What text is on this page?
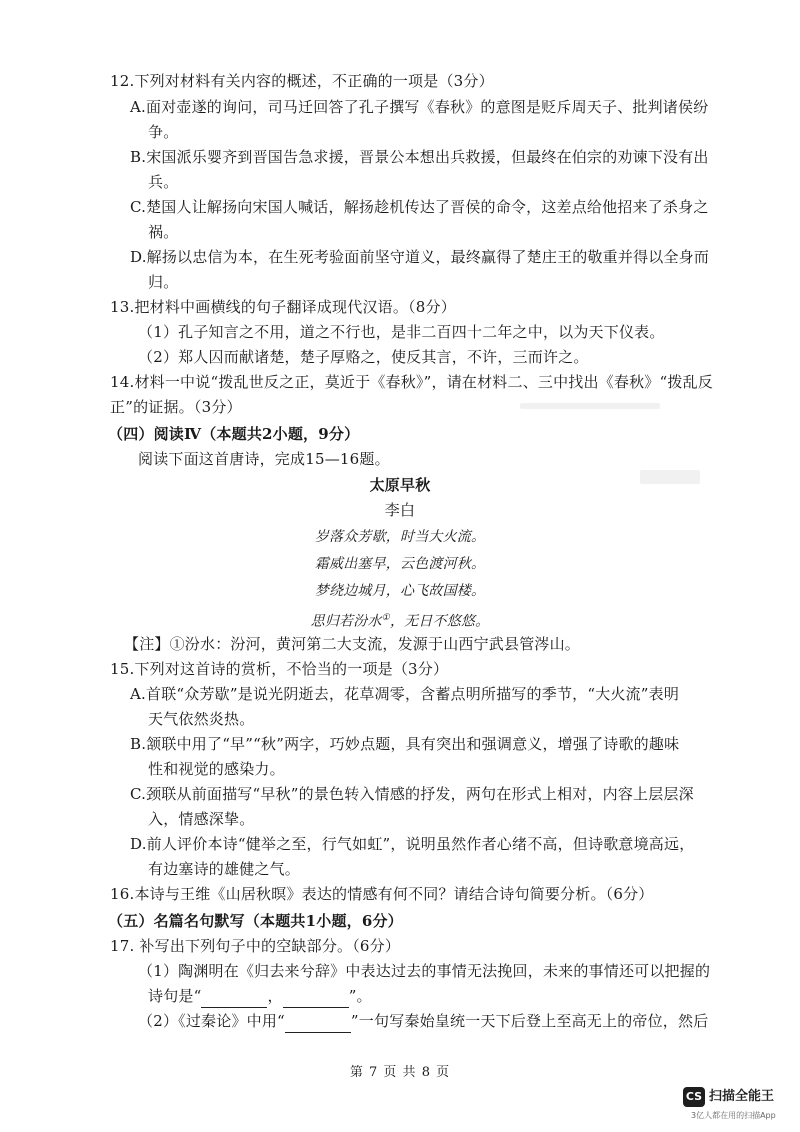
12.下列对材料有关内容的概述，不正确的一项是（3分）
A.面对壶遂的询问，司马迁回答了孔子撰写《春秋》的意图是贬斥周天子、批判诸侯纷
争。
B.宋国派乐婴齐到晋国告急求援，晋景公本想出兵救援，但最终在伯宗的劝谏下没有出
兵。
C.楚国人让解扬向宋国人喊话，解扬趁机传达了晋侯的命令，这差点给他招来了杀身之
祸。
D.解扬以忠信为本，在生死考验面前坚守道义，最终赢得了楚庄王的敬重并得以全身而
归。
13.把材料中画横线的句子翻译成现代汉语。（8分）
（1）孔子知言之不用，道之不行也，是非二百四十二年之中，以为天下仪表。
（2）郑人囚而献诸楚，楚子厚赂之，使反其言，不许，三而许之。
14.材料一中说“拨乱世反之正，莫近于《春秋》”，请在材料二、三中找出《春秋》“拨乱反
正”的证据。（3分）
（四）阅读Ⅳ（本题共2小题，9分）
阅读下面这首唐诗，完成15—16题。
太原早秋
李白
岁落众芳歇，时当大火流。
霜威出塞早，云色渡河秋。
梦绕边城月，心飞故国楼。
思归若汾水①，无日不悠悠。
【注】①汾水：汾河，黄河第二大支流，发源于山西宁武县管涔山。
15.下列对这首诗的赏析，不恰当的一项是（3分）
A.首联“众芳歇”是说光阴逝去，花草凋零，含蓄点明所描写的季节，“大火流”表明
天气依然炎热。
B.颔联中用了“早”“秋”两字，巧妙点题，具有突出和强调意义，增强了诗歌的趣味
性和视觉的感染力。
C.颈联从前面描写“早秋”的景色转入情感的抒发，两句在形式上相对，内容上层层深
入，情感深挚。
D.前人评价本诗“健举之至，行气如虹”，说明虽然作者心绪不高，但诗歌意境高远，
有边塞诗的雄健之气。
16.本诗与王维《山居秋暝》表达的情感有何不同？请结合诗句简要分析。（6分）
（五）名篇名句默写（本题共1小题，6分）
17. 补写出下列句子中的空缺部分。（6分）
（1）陶渊明在《归去来兮辞》中表达过去的事情无法挽回，未来的事情还可以把握的
诗句是“	，	”。
（2）《过秦论》中用“	”一句写秦始皇统一天下后登上至高无上的帝位，然后
第 7 页 共 8 页
CS 扫描全能王
3亿人都在用的扫描App
